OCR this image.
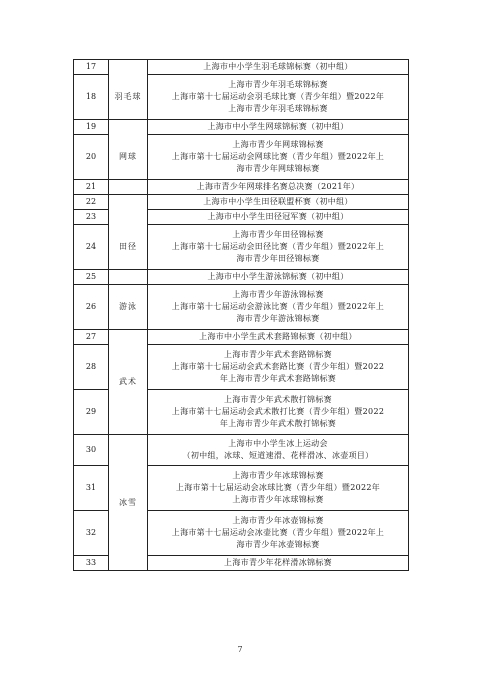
17		上海市中小学生羽毛球锦标赛（初中组）

18	羽毛球	上海市青少年羽毛球锦标赛
上海市第十七届运动会羽毛球比赛（青少年组）暨2022年
上海市青少年羽毛球锦标赛

19		上海市中小学生网球锦标赛（初中组）

20	网球	上海市青少年网球锦标赛
上海市第十七届运动会网球比赛（青少年组）暨2022年上
海市青少年网球锦标赛

21		上海市青少年网球排名赛总决赛（2021年）

22		上海市中小学生田径联盟杯赛（初中组）

23		上海市中小学生田径冠军赛（初中组）

24	田径	上海市青少年田径锦标赛
上海市第十七届运动会田径比赛（青少年组）暨2022年上
海市青少年田径锦标赛

25		上海市中小学生游泳锦标赛（初中组）

26	游泳	上海市青少年游泳锦标赛
上海市第十七届运动会游泳比赛（青少年组）暨2022年上
海市青少年游泳锦标赛

27	武术	上海市中小学生武术套路锦标赛（初中组）

28		上海市青少年武术套路锦标赛
上海市第十七届运动会武术套路比赛（青少年组）暨2022
年上海市青少年武术套路锦标赛

29		上海市青少年武术散打锦标赛
上海市第十七届运动会武术散打比赛（青少年组）暨2022
年上海市青少年武术散打锦标赛

30	冰雪	上海市中小学生冰上运动会
（初中组，冰球、短道速滑、花样滑冰、冰壶项目）

31		上海市青少年冰球锦标赛
上海市第十七届运动会冰球比赛（青少年组）暨2022年
上海市青少年冰球锦标赛

32		上海市青少年冰壶锦标赛
上海市第十七届运动会冰壶比赛（青少年组）暨2022年上
海市青少年冰壶锦标赛

33		上海市青少年花样滑冰锦标赛
7
